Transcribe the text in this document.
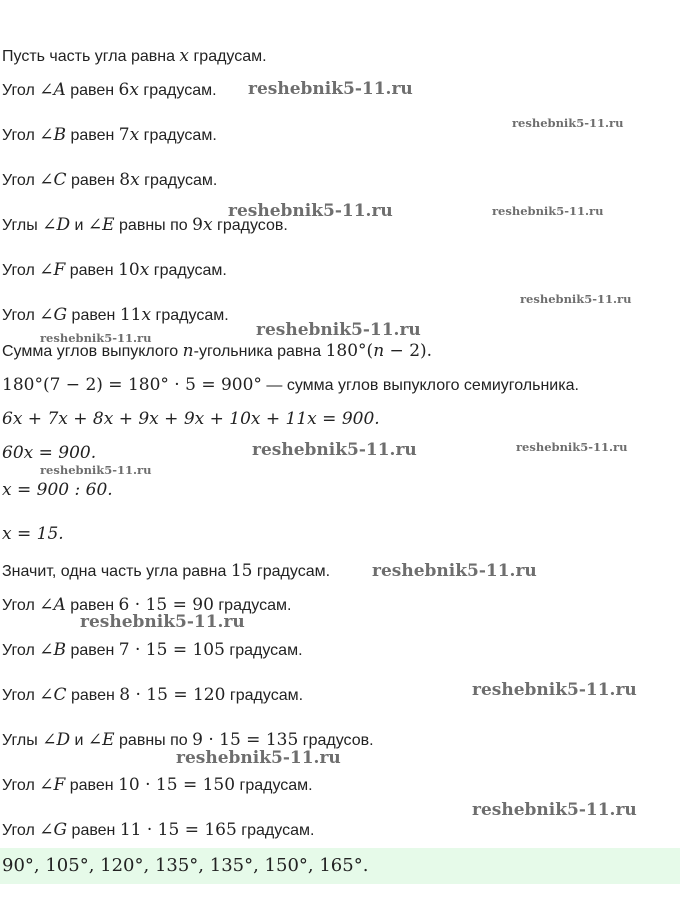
Пусть часть угла равна x градусам.
Угол ∠A равен 6x градусам.
Угол ∠B равен 7x градусам.
Угол ∠C равен 8x градусам.
Углы ∠D и ∠E равны по 9x градусов.
Угол ∠F равен 10x градусам.
Угол ∠G равен 11x градусам.
Сумма углов выпуклого n-угольника равна 180°(n − 2).
180°(7 − 2) = 180° · 5 = 900° — сумма углов выпуклого семиугольника.
6x + 7x + 8x + 9x + 9x + 10x + 11x = 900.
60x = 900.
x = 900 : 60.
x = 15.
Значит, одна часть угла равна 15 градусам.
Угол ∠A равен 6 · 15 = 90 градусам.
Угол ∠B равен 7 · 15 = 105 градусам.
Угол ∠C равен 8 · 15 = 120 градусам.
Углы ∠D и ∠E равны по 9 · 15 = 135 градусов.
Угол ∠F равен 10 · 15 = 150 градусам.
Угол ∠G равен 11 · 15 = 165 градусам.
90°, 105°, 120°, 135°, 135°, 150°, 165°.
reshebnik5-11.ru
reshebnik5-11.ru
reshebnik5-11.ru	reshebnik5-11.ru
reshebnik5-11.ru
reshebnik5-11.ru
reshebnik5-11.ru
reshebnik5-11.ru	reshebnik5-11.ru
reshebnik5-11.ru
reshebnik5-11.ru
reshebnik5-11.ru
reshebnik5-11.ru
reshebnik5-11.ru
reshebnik5-11.ru
